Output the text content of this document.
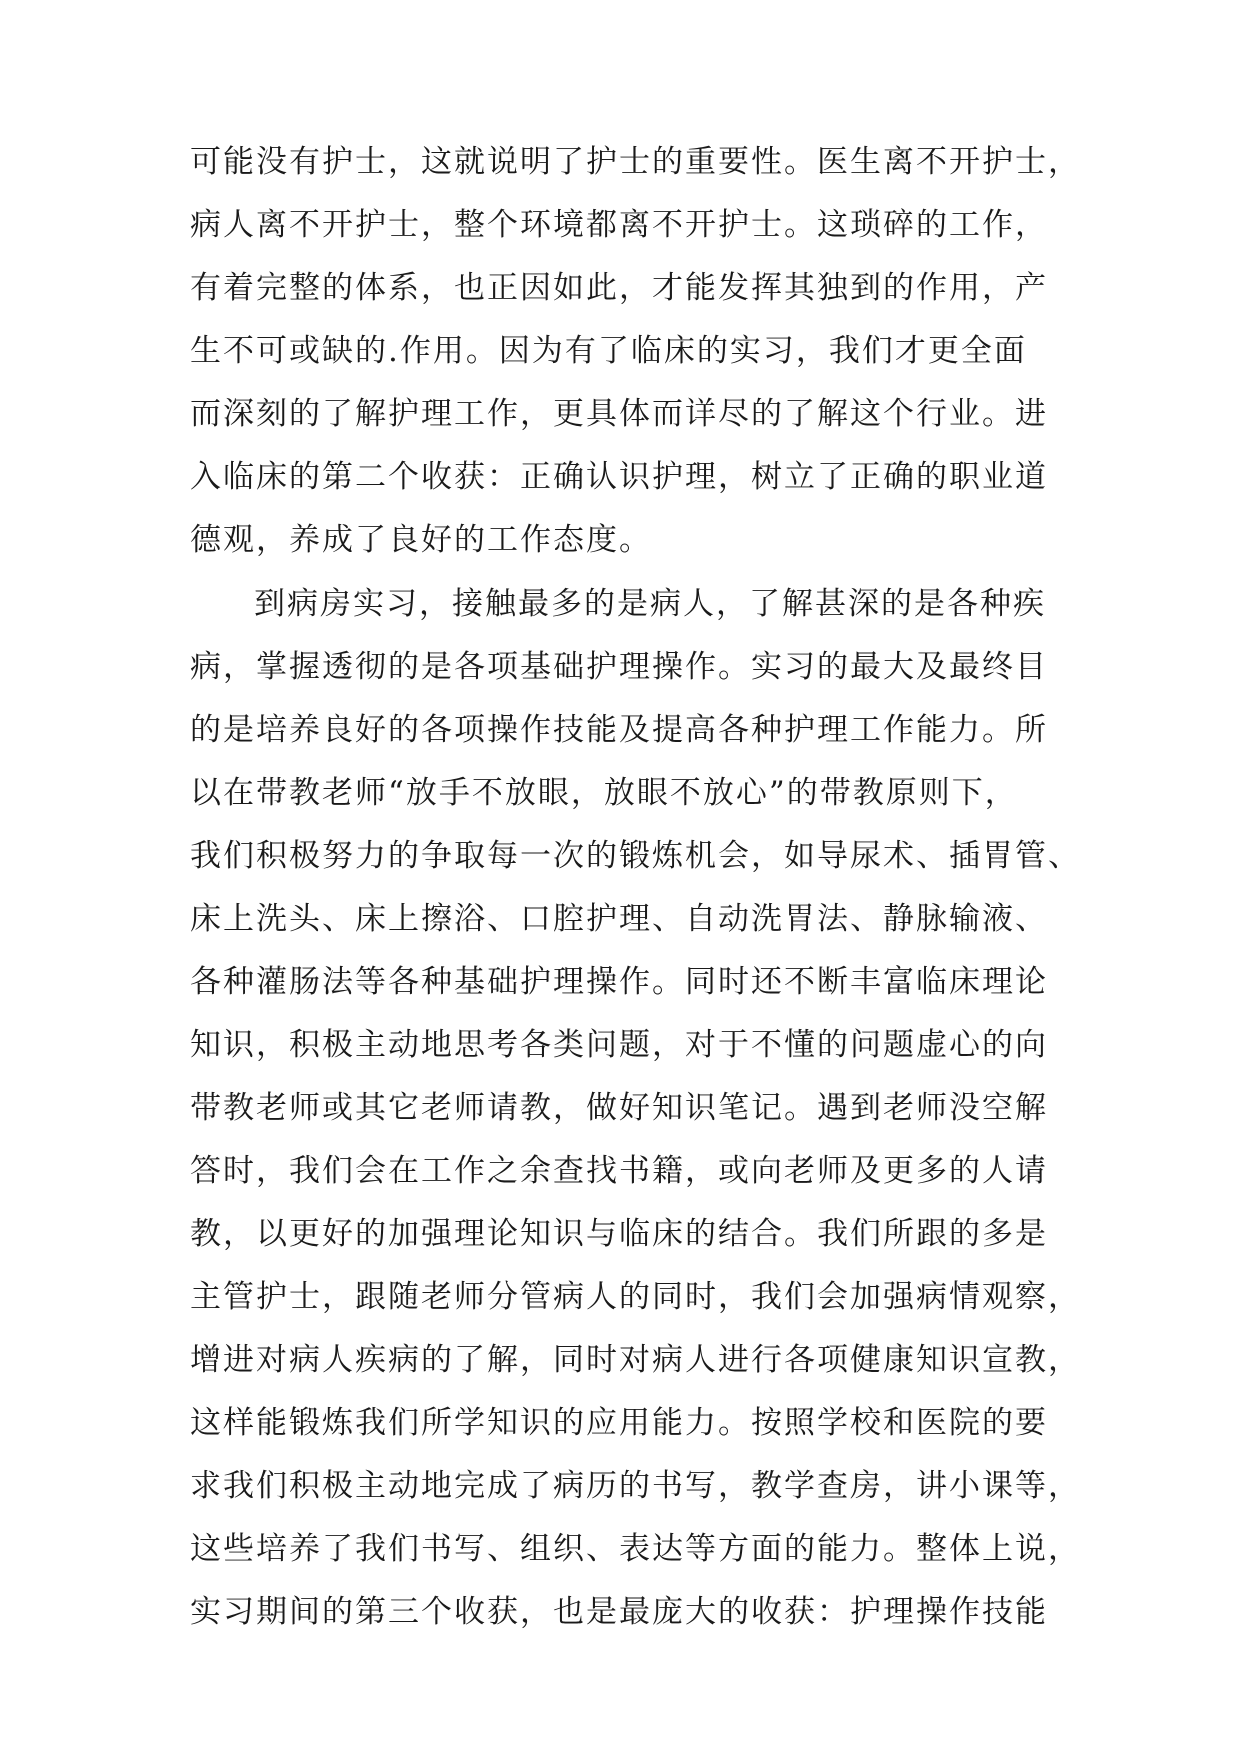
可能没有护士，这就说明了护士的重要性。医生离不开护士，
病人离不开护士，整个环境都离不开护士。这琐碎的工作，
有着完整的体系，也正因如此，才能发挥其独到的作用，产
生不可或缺的.作用。因为有了临床的实习，我们才更全面
而深刻的了解护理工作，更具体而详尽的了解这个行业。进
入临床的第二个收获：正确认识护理，树立了正确的职业道
德观，养成了良好的工作态度。
到病房实习，接触最多的是病人，了解甚深的是各种疾
病，掌握透彻的是各项基础护理操作。实习的最大及最终目
的是培养良好的各项操作技能及提高各种护理工作能力。所
以在带教老师“放手不放眼，放眼不放心”的带教原则下，
我们积极努力的争取每一次的锻炼机会，如导尿术、插胃管、
床上洗头、床上擦浴、口腔护理、自动洗胃法、静脉输液、
各种灌肠法等各种基础护理操作。同时还不断丰富临床理论
知识，积极主动地思考各类问题，对于不懂的问题虚心的向
带教老师或其它老师请教，做好知识笔记。遇到老师没空解
答时，我们会在工作之余查找书籍，或向老师及更多的人请
教，以更好的加强理论知识与临床的结合。我们所跟的多是
主管护士，跟随老师分管病人的同时，我们会加强病情观察，
增进对病人疾病的了解，同时对病人进行各项健康知识宣教，
这样能锻炼我们所学知识的应用能力。按照学校和医院的要
求我们积极主动地完成了病历的书写，教学查房，讲小课等，
这些培养了我们书写、组织、表达等方面的能力。整体上说，
实习期间的第三个收获，也是最庞大的收获：护理操作技能
